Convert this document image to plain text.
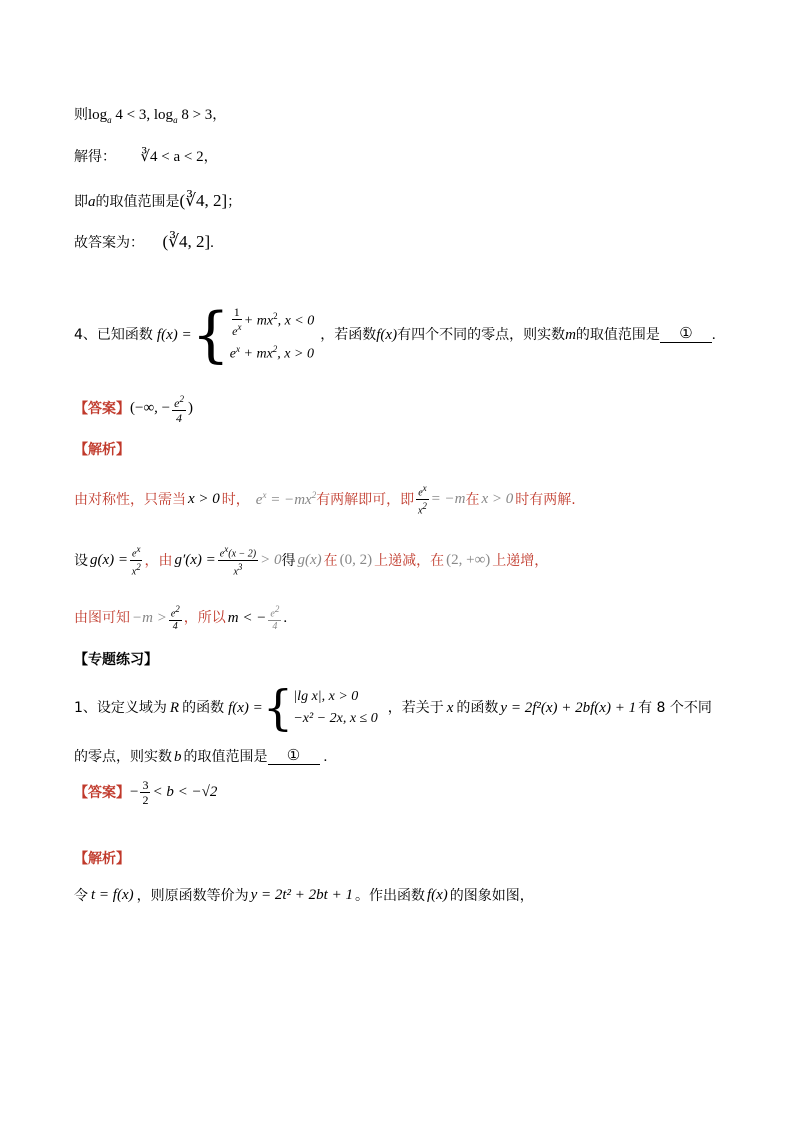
则$\log_a 4 < 3$, $\log_a 8 > 3$，
解得： ∛4 < a < 2，
即a的取值范围是(∛4, 2]；
故答案为： (∛4, 2].
4、已知函数 f(x) = { $\frac{1}{e^x} + mx^2$, x < 0
$e^x + mx^2$, x > 0
，若函数 f(x) 有四个不同的零点，则实数 m 的取值范围是	①	.
【答案】 (−∞, − $\frac{e^2}{4}$ )
【解析】
由对称性，只需当 x > 0 时， $e^x = -mx^2$ 有两解即可，即 $\frac{e^x}{x^2} = -m$ 在 x > 0 时有两解.
设 $g(x) = \frac{e^x}{x^2}$ ，由 $g'(x) = \frac{e^x(x - 2)}{x^3} > 0$ 得 g(x) 在 (0, 2) 上递减，在 (2, +∞) 上递增，
由图可知 $-m > \frac{e^2}{4}$ ，所以 m < − $\frac{e^2}{4}$ .
【专题练习】
1、设定义域为 R 的函数 f(x) = { |lg x|, x > 0
−x² − 2x, x ≤ 0
，若关于 x 的函数 y = 2f²(x) + 2bf(x) + 1 有 8 个不同
的零点，则实数 b 的取值范围是	①	.
【答案】 − $\frac{3}{2} < b < -√2$
【解析】
令 t = f(x) ，则原函数等价为 y = 2t² + 2bt + 1 。作出函数 f(x) 的图象如图，
